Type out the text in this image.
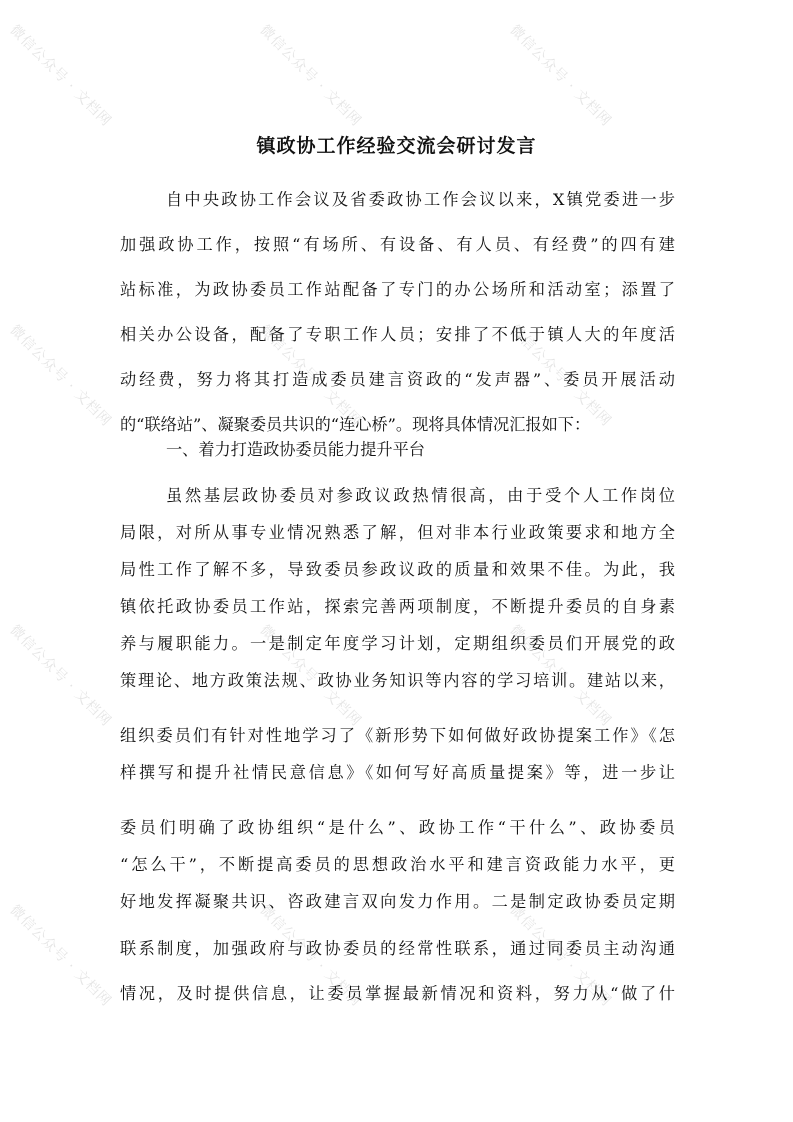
微信公众号 · 文档网	微信公众号 · 文档网	微信公众号 · 文档网
微信公众号 · 文档网	微信公众号 · 文档网	微信公众号 · 文档网
微信公众号 · 文档网	微信公众号 · 文档网	微信公众号 · 文档网
微信公众号 · 文档网	微信公众号 · 文档网	微信公众号 · 文档网
镇政协工作经验交流会研讨发言

自中央政协工作会议及省委政协工作会议以来，X镇党委进一步

加强政协工作，按照“有场所、有设备、有人员、有经费”的四有建

站标准，为政协委员工作站配备了专门的办公场所和活动室；添置了

相关办公设备，配备了专职工作人员；安排了不低于镇人大的年度活

动经费，努力将其打造成委员建言资政的“发声器”、委员开展活动

的“联络站”、凝聚委员共识的“连心桥”。现将具体情况汇报如下：

一、着力打造政协委员能力提升平台

虽然基层政协委员对参政议政热情很高，由于受个人工作岗位

局限，对所从事专业情况熟悉了解，但对非本行业政策要求和地方全

局性工作了解不多，导致委员参政议政的质量和效果不佳。为此，我

镇依托政协委员工作站，探索完善两项制度，不断提升委员的自身素

养与履职能力。一是制定年度学习计划，定期组织委员们开展党的政

策理论、地方政策法规、政协业务知识等内容的学习培训。建站以来，

组织委员们有针对性地学习了《新形势下如何做好政协提案工作》《怎

样撰写和提升社情民意信息》《如何写好高质量提案》等，进一步让

委员们明确了政协组织“是什么”、政协工作“干什么”、政协委员

“怎么干”，不断提高委员的思想政治水平和建言资政能力水平，更

好地发挥凝聚共识、咨政建言双向发力作用。二是制定政协委员定期

联系制度，加强政府与政协委员的经常性联系，通过同委员主动沟通

情况，及时提供信息，让委员掌握最新情况和资料，努力从“做了什
